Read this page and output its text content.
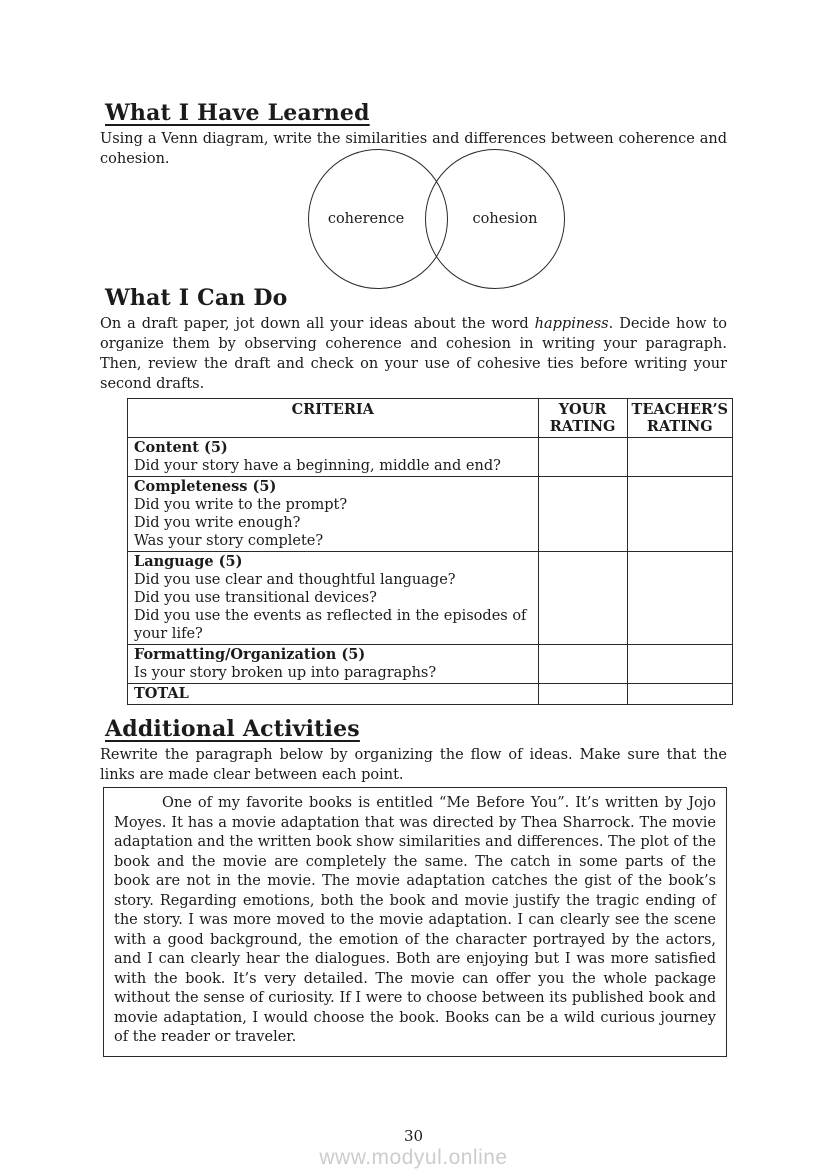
What I Have Learned

Using a Venn diagram, write the similarities and differences between coherence and cohesion.

coherence	cohesion
What I Can Do

On a draft paper, jot down all your ideas about the word happiness. Decide how to organize them by observing coherence and cohesion in writing your paragraph. Then, review the draft and check on your use of cohesive ties before writing your second drafts.

CRITERIA	YOUR RATING	TEACHER’S RATING

Content (5)
Did your story have a beginning, middle and end?		

Completeness (5)
Did you write to the prompt?
Did you write enough?
Was your story complete?		

Language (5)
Did you use clear and thoughtful language?
Did you use transitional devices?
Did you use the events as reflected in the episodes of your life?		

Formatting/Organization (5)
Is your story broken up into paragraphs?		

TOTAL		

Additional Activities

Rewrite the paragraph below by organizing the flow of ideas. Make sure that the links are made clear between each point.

One of my favorite books is entitled “Me Before You”. It’s written by Jojo Moyes. It has a movie adaptation that was directed by Thea Sharrock. The movie adaptation and the written book show similarities and differences. The plot of the book and the movie are completely the same. The catch in some parts of the book are not in the movie. The movie adaptation catches the gist of the book’s story. Regarding emotions, both the book and movie justify the tragic ending of the story. I was more moved to the movie adaptation. I can clearly see the scene with a good background, the emotion of the character portrayed by the actors, and I can clearly hear the dialogues. Both are enjoying but I was more satisfied with the book. It’s very detailed. The movie can offer you the whole package without the sense of curiosity. If I were to choose between its published book and movie adaptation, I would choose the book. Books can be a wild curious journey of the reader or traveler.

30
www.modyul.online
